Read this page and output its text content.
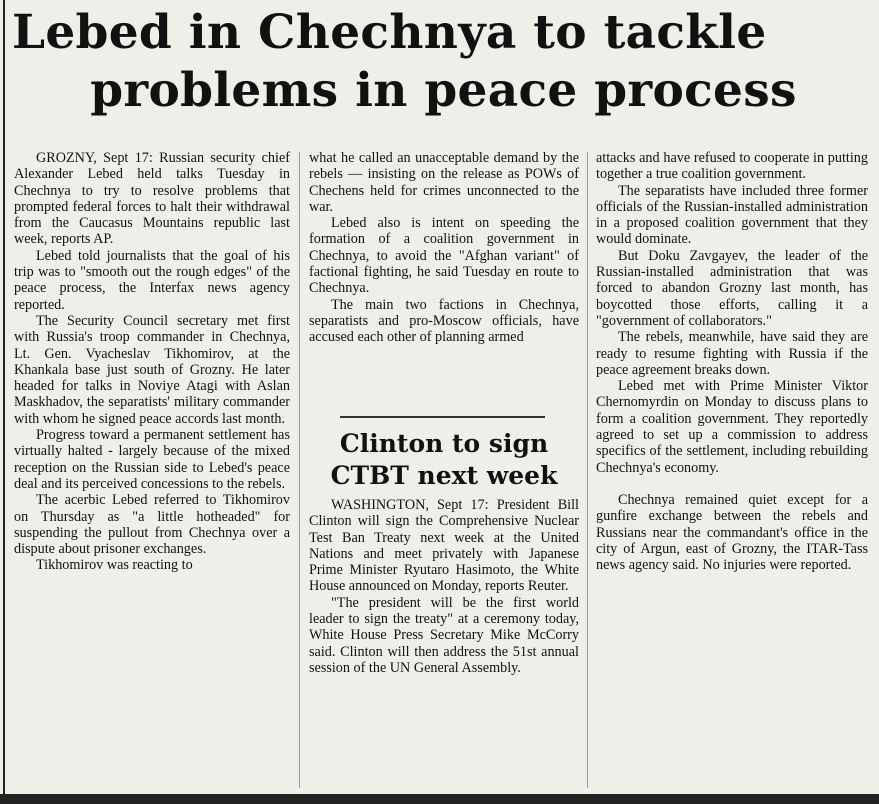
Lebed in Chechnya to tackle
problems in peace process

GROZNY, Sept 17: Russian security chief Alexander Lebed held talks Tuesday in Chechnya to try to resolve problems that prompted federal forces to halt their withdrawal from the Caucasus Mountains republic last week, reports AP.

Lebed told journalists that the goal of his trip was to "smooth out the rough edges" of the peace process, the Interfax news agency reported.

The Security Council secretary met first with Russia's troop commander in Chechnya, Lt. Gen. Vyacheslav Tikhomirov, at the Khankala base just south of Grozny. He later headed for talks in Noviye Atagi with Aslan Maskhadov, the separatists' military commander with whom he signed peace accords last month.

Progress toward a permanent settlement has virtually halted - largely because of the mixed reception on the Russian side to Lebed's peace deal and its perceived concessions to the rebels.

The acerbic Lebed referred to Tikhomirov on Thursday as "a little hotheaded" for suspending the pullout from Chechnya over a dispute about prisoner exchanges.

Tikhomirov was reacting to

what he called an unacceptable demand by the rebels — insisting on the release as POWs of Chechens held for crimes unconnected to the war.

Lebed also is intent on speeding the formation of a coalition government in Chechnya, to avoid the "Afghan variant" of factional fighting, he said Tuesday en route to Chechnya.

The main two factions in Chechnya, separatists and pro-Moscow officials, have accused each other of planning armed

Clinton to sign
CTBT next week

WASHINGTON, Sept 17: President Bill Clinton will sign the Comprehensive Nuclear Test Ban Treaty next week at the United Nations and meet privately with Japanese Prime Minister Ryutaro Hasimoto, the White House announced on Monday, reports Reuter.

"The president will be the first world leader to sign the treaty" at a ceremony today, White House Press Secretary Mike McCorry said. Clinton will then address the 51st annual session of the UN General Assembly.

attacks and have refused to cooperate in putting together a true coalition government.

The separatists have included three former officials of the Russian-installed administration in a proposed coalition government that they would dominate.

But Doku Zavgayev, the leader of the Russian-installed administration that was forced to abandon Grozny last month, has boycotted those efforts, calling it a "government of collaborators."

The rebels, meanwhile, have said they are ready to resume fighting with Russia if the peace agreement breaks down.

Lebed met with Prime Minister Viktor Chernomyrdin on Monday to discuss plans to form a coalition government. They reportedly agreed to set up a commission to address specifics of the settlement, including rebuilding Chechnya's economy.

Chechnya remained quiet except for a gunfire exchange between the rebels and Russians near the commandant's office in the city of Argun, east of Grozny, the ITAR-Tass news agency said. No injuries were reported.
